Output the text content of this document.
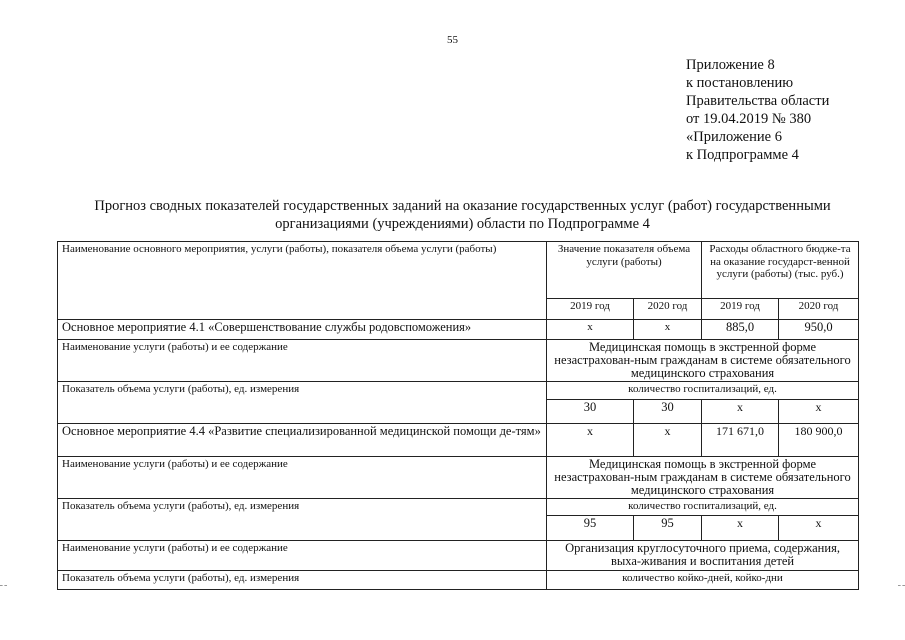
55
Приложение 8
к постановлению
Правительства области
от 19.04.2019 № 380
«Приложение 6
к Подпрограмме 4
Прогноз сводных показателей государственных заданий на оказание государственных услуг (работ) государственными
организациями (учреждениями) области по Подпрограмме 4
Наименование основного мероприятия, услуги (работы), показателя объема услуги (работы)	Значение показателя объема услуги (работы)		Расходы областного бюдже-та на оказание государст-венной услуги (работы) (тыс. руб.)	
	2019 год	2020 год	2019 год	2020 год
Основное мероприятие 4.1 «Совершенствование службы родовспоможения»	х	х	885,0	950,0
Наименование услуги (работы) и ее содержание	Медицинская помощь в экстренной форме незастрахован-ным гражданам в системе обязательного медицинского страхования			
Показатель объема услуги (работы), ед. измерения	количество госпитализаций, ед.			
	30	30	х	х
Основное мероприятие 4.4 «Развитие специализированной медицинской помощи де-тям»	х	х	171 671,0	180 900,0
Наименование услуги (работы) и ее содержание	Медицинская помощь в экстренной форме незастрахован-ным гражданам в системе обязательного медицинского страхования			
Показатель объема услуги (работы), ед. измерения	количество госпитализаций, ед.			
	95	95	х	х
Наименование услуги (работы) и ее содержание	Организация круглосуточного приема, содержания, выха-живания и воспитания детей			
Показатель объема услуги (работы), ед. измерения	количество койко-дней, койко-дни			
